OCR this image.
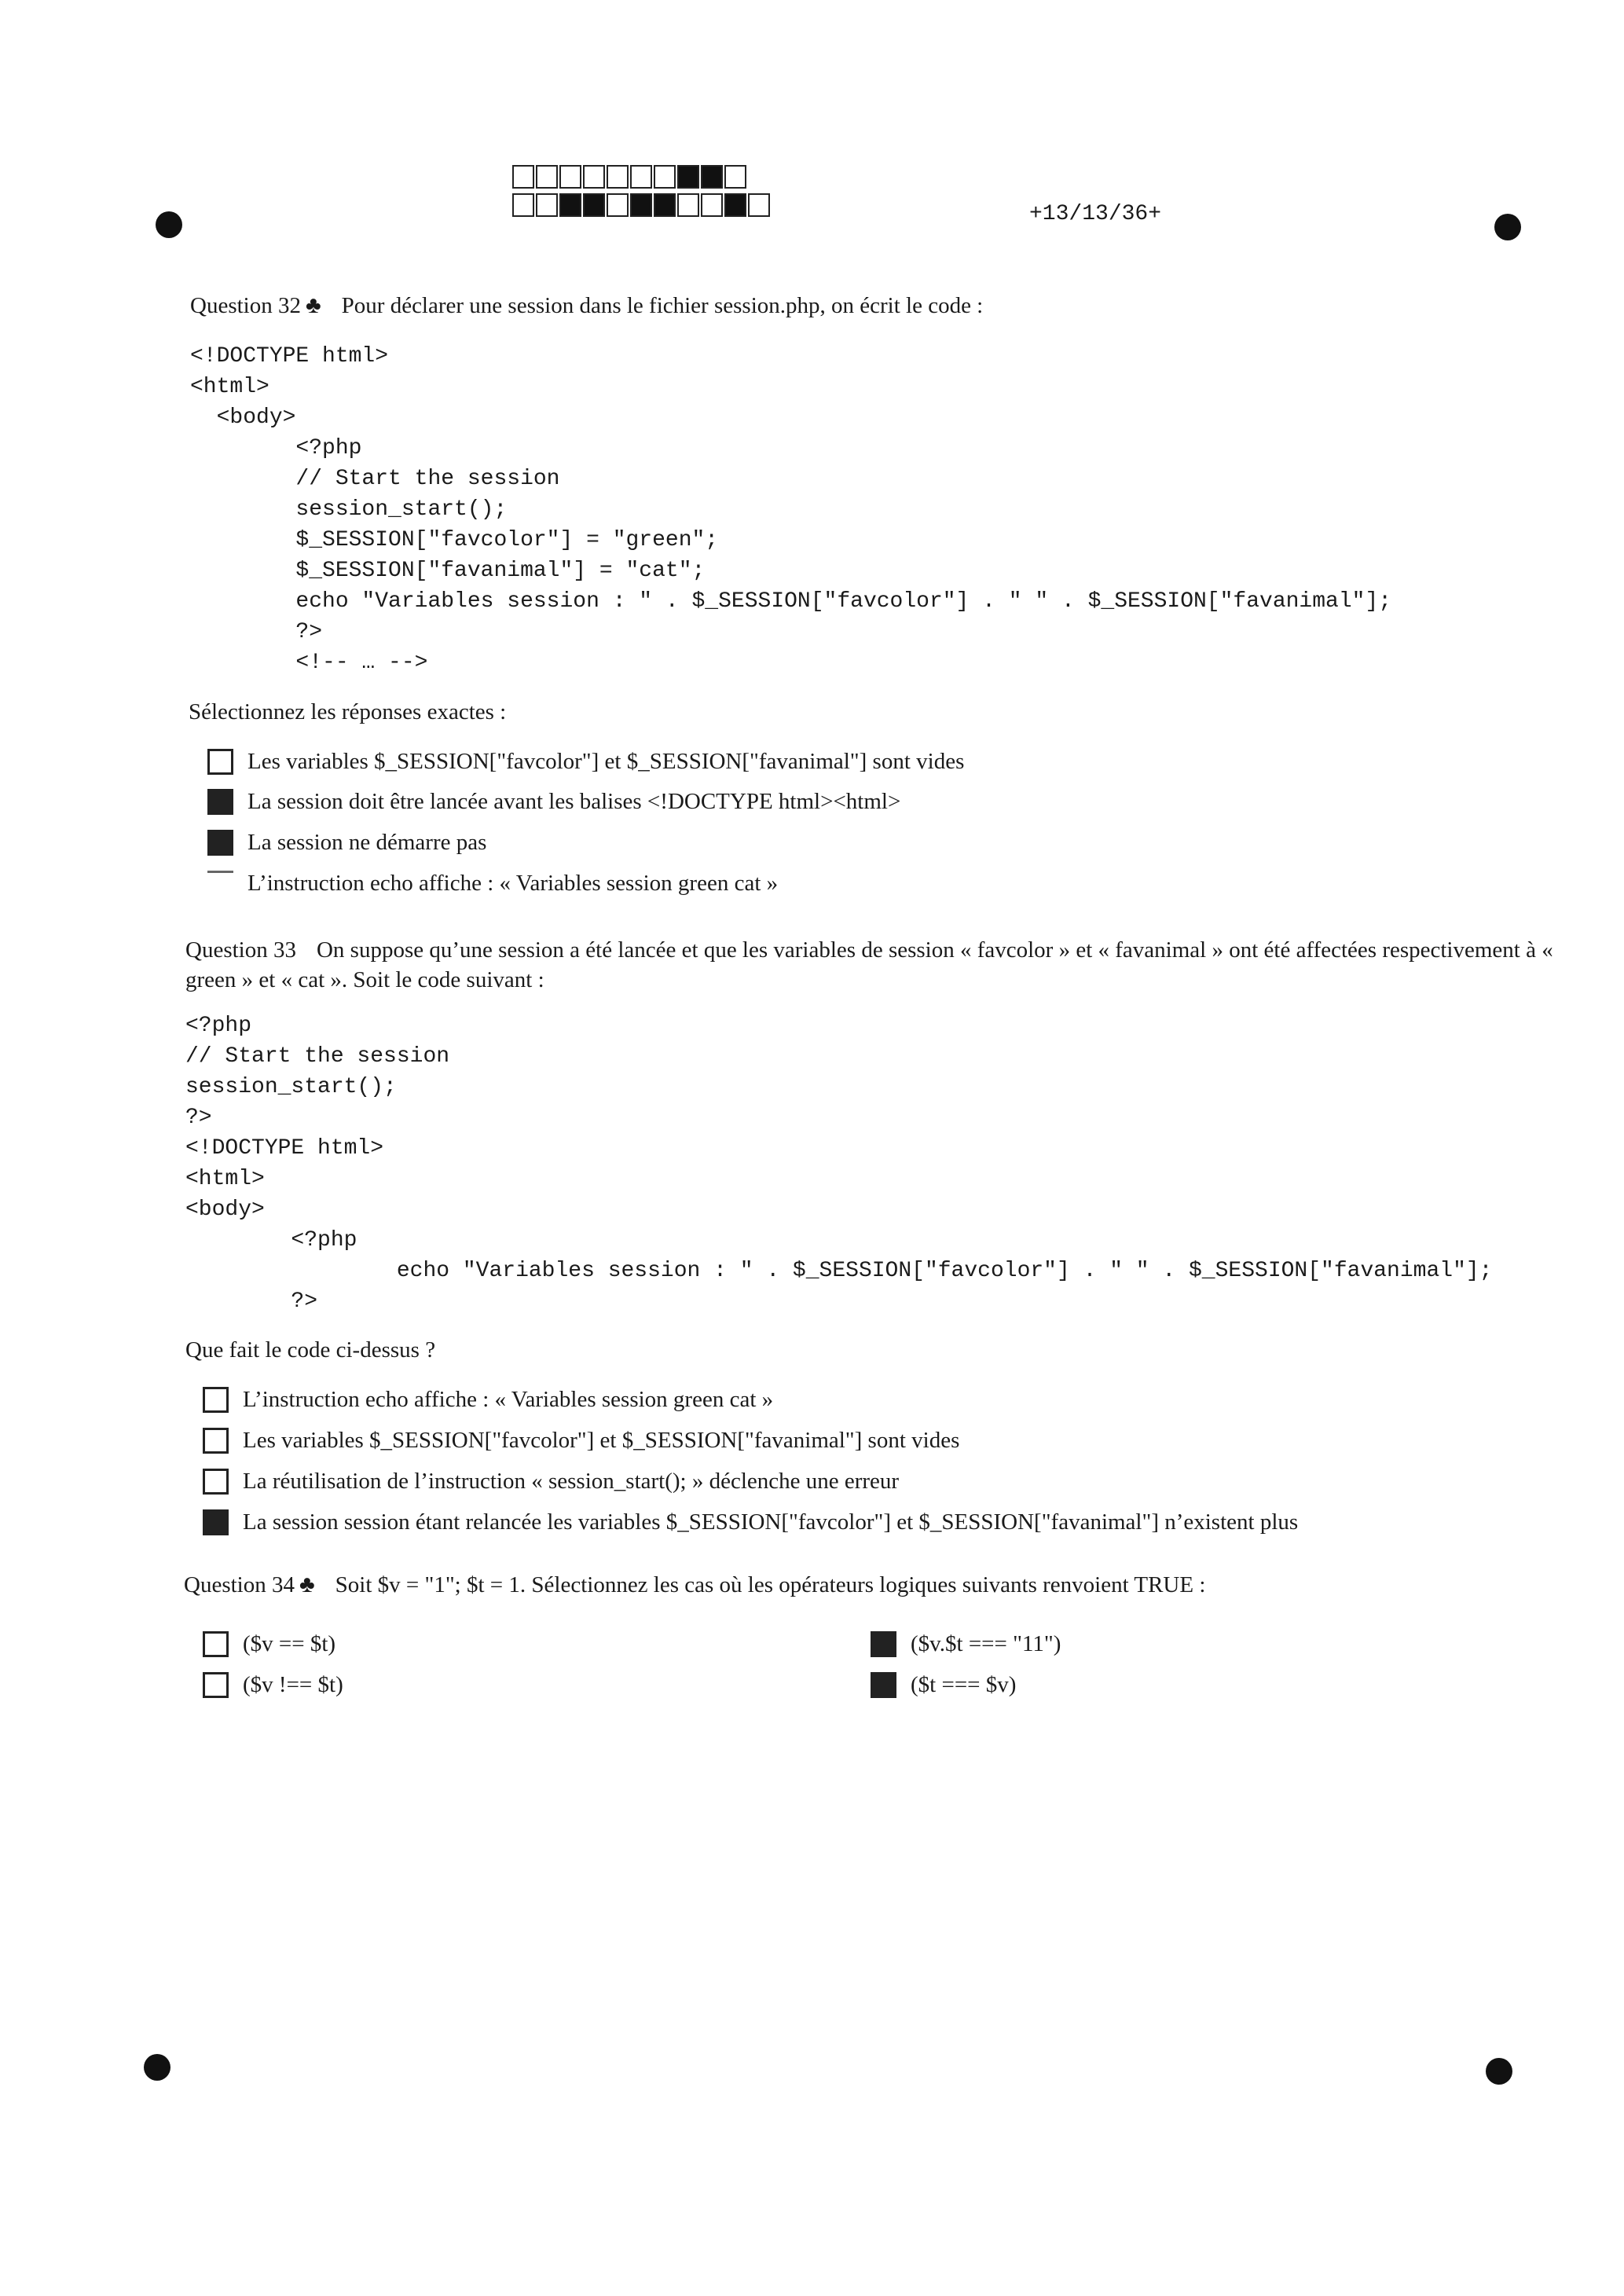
+13/13/36+
Question 32 ♣ Pour déclarer une session dans le fichier session.php, on écrit le code :
<!DOCTYPE html>
<html>
<body>
<?php
// Start the session
session_start();
$_SESSION["favcolor"] = "green";
$_SESSION["favanimal"] = "cat";
echo "Variables session : " . $_SESSION["favcolor"] . " " . $_SESSION["favanimal"];
?>
<!-- … -->
Sélectionnez les réponses exactes :
Les variables $_SESSION["favcolor"] et $_SESSION["favanimal"] sont vides
La session doit être lancée avant les balises <!DOCTYPE html><html>
La session ne démarre pas
L’instruction echo affiche : « Variables session green cat »
Question 33 On suppose qu’une session a été lancée et que les variables de session « favcolor » et « favanimal » ont été affectées respectivement à « green » et « cat ». Soit le code suivant :
<?php
// Start the session
session_start();
?>
<!DOCTYPE html>
<html>
<body>
<?php
echo "Variables session : " . $_SESSION["favcolor"] . " " . $_SESSION["favanimal"];
?>
Que fait le code ci-dessus ?
L’instruction echo affiche : « Variables session green cat »
Les variables $_SESSION["favcolor"] et $_SESSION["favanimal"] sont vides
La réutilisation de l’instruction « session_start(); » déclenche une erreur
La session session étant relancée les variables $_SESSION["favcolor"] et $_SESSION["favanimal"] n’existent plus
Question 34 ♣ Soit $v = "1"; $t = 1. Sélectionnez les cas où les opérateurs logiques suivants renvoient TRUE :
($v == $t)
($v !== $t)
($v.$t === "11")
($t === $v)
